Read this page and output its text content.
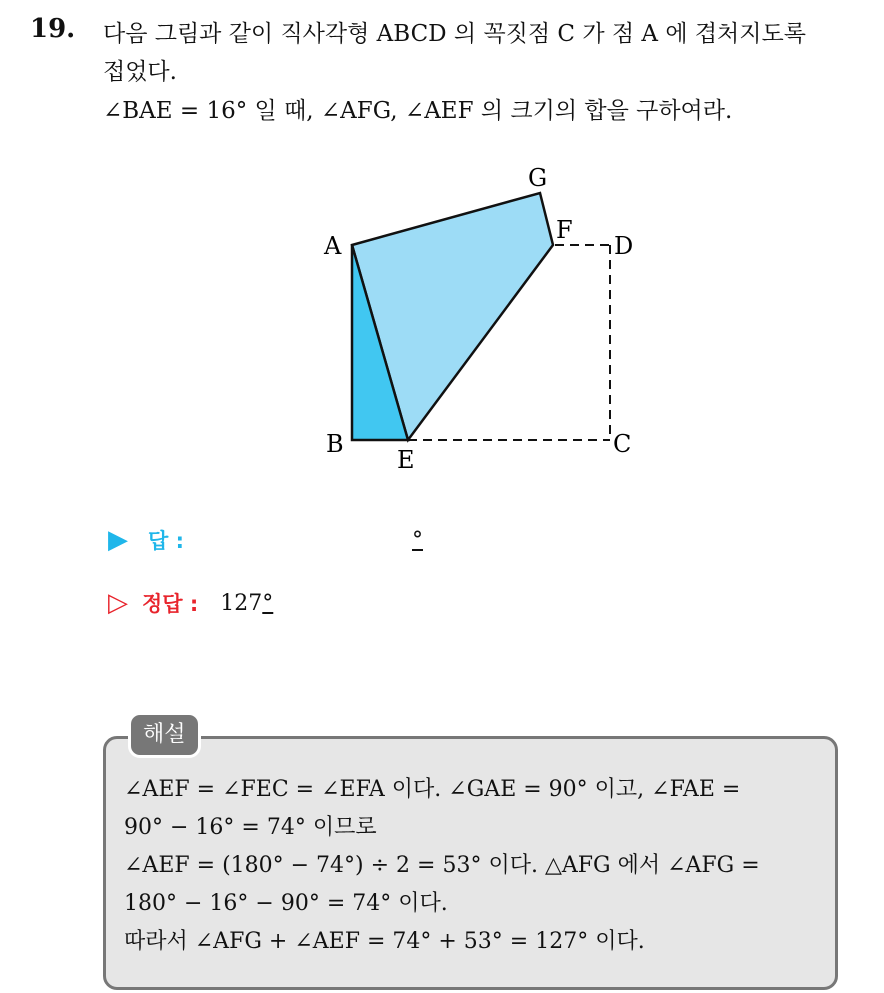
19. 다음 그림과 같이 직사각형 ABCD 의 꼭짓점 C 가 점 A 에 겹처지도록
접었다.
∠BAE = 16° 일 때, ∠AFG, ∠AEF 의 크기의 합을 구하여라.
A
B	C
D
E
F
G
▶ 답 :	°
▷ 정답 : 127 °
해설
∠AEF = ∠FEC = ∠EFA 이다. ∠GAE = 90° 이고, ∠FAE =
90° − 16° = 74° 이므로
∠AEF = (180° − 74°) ÷ 2 = 53° 이다. △AFG 에서 ∠AFG =
180° − 16° − 90° = 74° 이다.
따라서 ∠AFG + ∠AEF = 74° + 53° = 127° 이다.
